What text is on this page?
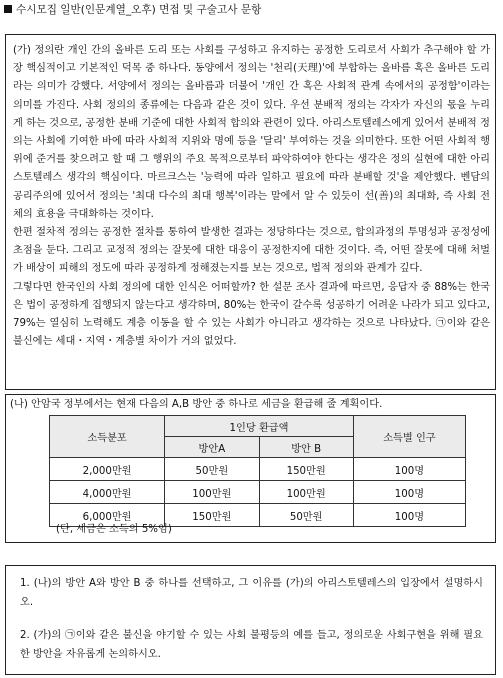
수시모집 일반(인문계열_오후) 면접 및 구술고사 문항

(가) 정의란 개인 간의 올바른 도리 또는 사회를 구성하고 유지하는 공정한 도리로서 사회가 추구해야 할 가장 핵심적이고 기본적인 덕목 중 하나다. 동양에서 정의는 '천리(天理)'에 부합하는 올바름 혹은 올바른 도리라는 의미가 강했다. 서양에서 정의는 올바름과 더불어 '개인 간 혹은 사회적 관계 속에서의 공정함'이라는 의미를 가진다. 사회 정의의 종류에는 다음과 같은 것이 있다. 우선 분배적 정의는 각자가 자신의 몫을 누리게 하는 것으로, 공정한 분배 기준에 대한 사회적 합의와 관련이 있다. 아리스토텔레스에게 있어서 분배적 정의는 사회에 기여한 바에 따라 사회적 지위와 명예 등을 '달리' 부여하는 것을 의미한다. 또한 어떤 사회적 행위에 준거를 찾으려고 할 때 그 행위의 주요 목적으로부터 파악하여야 한다는 생각은 정의 실현에 대한 아리스토텔레스 생각의 핵심이다. 마르크스는 '능력에 따라 일하고 필요에 따라 분배할 것'을 제안했다. 벤담의 공리주의에 있어서 정의는 '최대 다수의 최대 행복'이라는 말에서 알 수 있듯이 선(善)의 최대화, 즉 사회 전체의 효용을 극대화하는 것이다.

한편 절차적 정의는 공정한 절차를 통하여 발생한 결과는 정당하다는 것으로, 합의과정의 투명성과 공정성에 초점을 둔다. 그리고 교정적 정의는 잘못에 대한 대응이 공정한지에 대한 것이다. 즉, 어떤 잘못에 대해 처벌가 배상이 피해의 정도에 따라 공정하게 정해졌는지를 보는 것으로, 법적 정의와 관계가 깊다.

그렇다면 한국인의 사회 정의에 대한 인식은 어떠할까? 한 설문 조사 결과에 따르면, 응답자 중 88%는 한국은 법이 공정하게 집행되지 않는다고 생각하며, 80%는 한국이 갈수록 성공하기 어려운 나라가 되고 있다고, 79%는 열심히 노력해도 계층 이동을 할 수 있는 사회가 아니라고 생각하는 것으로 나타났다. ㉠이와 같은 불신에는 세대・지역・계층별 차이가 거의 없었다.

(나) 안암국 정부에서는 현재 다음의 A,B 방안 중 하나로 세금을 환급해 줄 계획이다.
소득분포	1인당 환급액		소득별 인구
	방안A	방안 B	
2,000만원	50만원	150만원	100명
4,000만원	100만원	100만원	100명
6,000만원	150만원	50만원	100명
(단, 세금은 소득의 5%임)
1. (나)의 방안 A와 방안 B 중 하나를 선택하고, 그 이유를 (가)의 아리스토텔레스의 입장에서 설명하시오.
2. (가)의 ㉠이와 같은 불신을 야기할 수 있는 사회 불평등의 예를 들고, 정의로운 사회구현을 위해 필요한 방안을 자유롭게 논의하시오.
